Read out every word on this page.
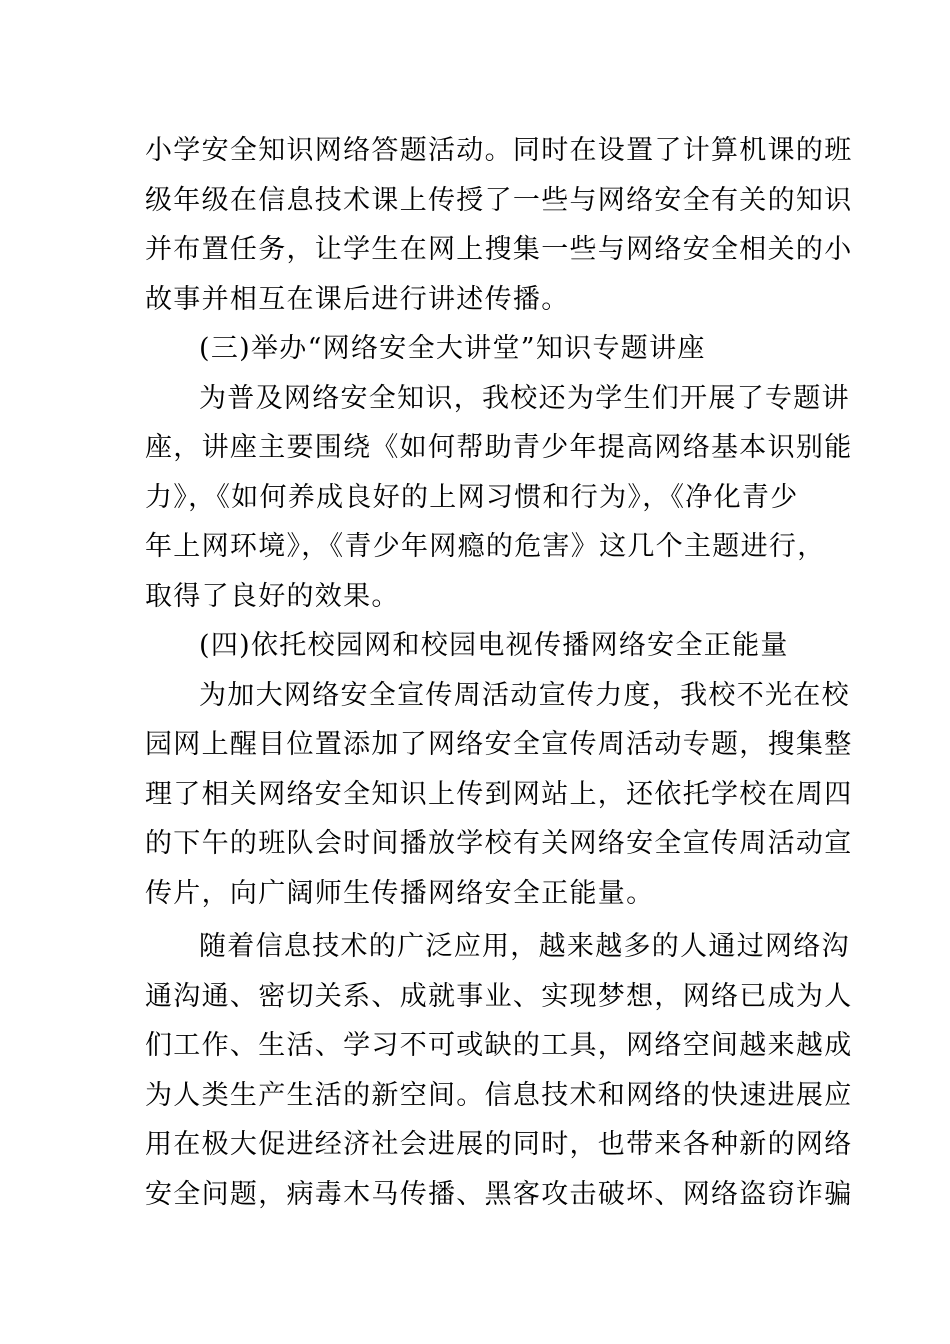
小学安全知识网络答题活动。同时在设置了计算机课的班
级年级在信息技术课上传授了一些与网络安全有关的知识
并布置任务，让学生在网上搜集一些与网络安全相关的小
故事并相互在课后进行讲述传播。
(三)举办“网络安全大讲堂”知识专题讲座
为普及网络安全知识，我校还为学生们开展了专题讲
座，讲座主要围绕《如何帮助青少年提高网络基本识别能
力》，《如何养成良好的上网习惯和行为》，《净化青少
年上网环境》，《青少年网瘾的危害》这几个主题进行，
取得了良好的效果。
(四)依托校园网和校园电视传播网络安全正能量
为加大网络安全宣传周活动宣传力度，我校不光在校
园网上醒目位置添加了网络安全宣传周活动专题，搜集整
理了相关网络安全知识上传到网站上，还依托学校在周四
的下午的班队会时间播放学校有关网络安全宣传周活动宣
传片，向广阔师生传播网络安全正能量。
随着信息技术的广泛应用，越来越多的人通过网络沟
通沟通、密切关系、成就事业、实现梦想，网络已成为人
们工作、生活、学习不可或缺的工具，网络空间越来越成
为人类生产生活的新空间。信息技术和网络的快速进展应
用在极大促进经济社会进展的同时，也带来各种新的网络
安全问题，病毒木马传播、黑客攻击破坏、网络盗窃诈骗
